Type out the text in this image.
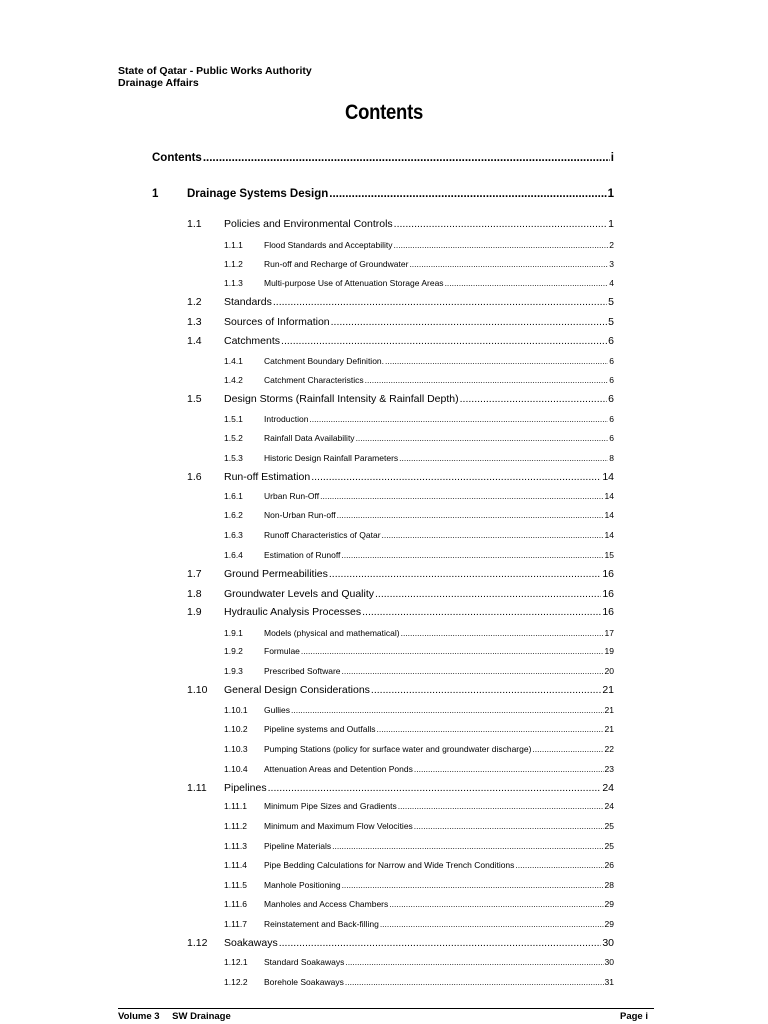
State of Qatar - Public Works Authority
Drainage Affairs
Contents
Contents .....	i
1	Drainage Systems Design .....	1
1.1	Policies and Environmental Controls .....	1
1.1.1	Flood Standards and Acceptability .....	2
1.1.2	Run-off and Recharge of Groundwater .....	3
1.1.3	Multi-purpose Use of Attenuation Storage Areas .....	4
1.2	Standards .....	5
1.3	Sources of Information .....	5
1.4	Catchments .....	6
1.4.1	Catchment Boundary Definition. .....	6
1.4.2	Catchment Characteristics .....	6
1.5	Design Storms (Rainfall Intensity & Rainfall Depth) .....	6
1.5.1	Introduction .....	6
1.5.2	Rainfall Data Availability .....	6
1.5.3	Historic Design Rainfall Parameters .....	8
1.6	Run-off Estimation .....	14
1.6.1	Urban Run-Off .....	14
1.6.2	Non-Urban Run-off .....	14
1.6.3	Runoff Characteristics of Qatar .....	14
1.6.4	Estimation of Runoff .....	15
1.7	Ground Permeabilities .....	16
1.8	Groundwater Levels and Quality .....	16
1.9	Hydraulic Analysis Processes .....	16
1.9.1	Models (physical and mathematical) .....	17
1.9.2	Formulae .....	19
1.9.3	Prescribed Software .....	20
1.10	General Design Considerations .....	21
1.10.1	Gullies .....	21
1.10.2	Pipeline systems and Outfalls .....	21
1.10.3	Pumping Stations (policy for surface water and groundwater discharge) .....	22
1.10.4	Attenuation Areas and Detention Ponds .....	23
1.11	Pipelines .....	24
1.11.1	Minimum Pipe Sizes and Gradients .....	24
1.11.2	Minimum and Maximum Flow Velocities .....	25
1.11.3	Pipeline Materials .....	25
1.11.4	Pipe Bedding Calculations for Narrow and Wide Trench Conditions .....	26
1.11.5	Manhole Positioning .....	28
1.11.6	Manholes and Access Chambers .....	29
1.11.7	Reinstatement and Back-filling .....	29
1.12	Soakaways .....	30
1.12.1	Standard Soakaways .....	30
1.12.2	Borehole Soakaways .....	31
Volume 3 SW Drainage	Page i
